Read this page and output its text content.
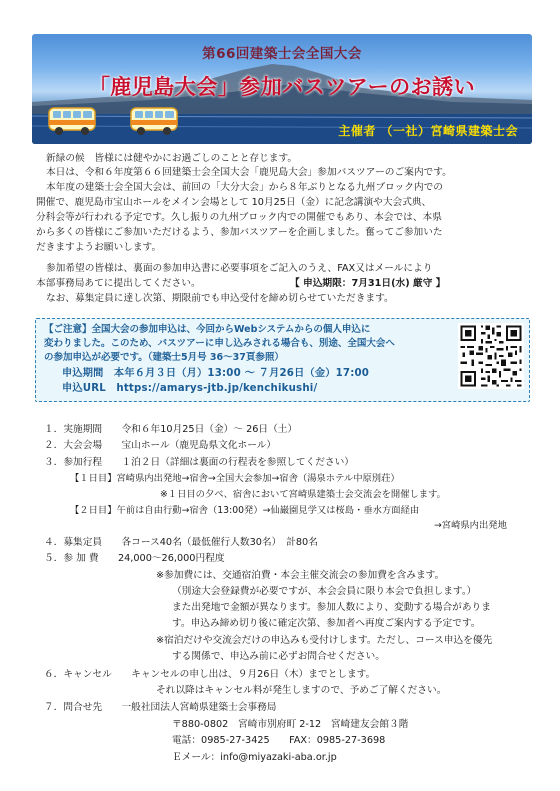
第66回建築士会全国大会
「鹿児島大会」参加バスツアーのお誘い
主催者 （一社）宮崎県建築士会
新緑の候　皆様には健やかにお過ごしのことと存じます。
本日は、令和６年度第６６回建築士会全国大会「鹿児島大会」参加バスツアーのご案内です。
本年度の建築士会全国大会は、前回の「大分大会」から８年ぶりとなる九州ブロック内での
開催で、鹿児島市宝山ホールをメイン会場として 10月25日（金）に記念講演や大会式典、
分科会等が行われる予定です。久し振りの九州ブロック内での開催でもあり、本会では、本県
から多くの皆様にご参加いただけるよう、参加バスツアーを企画しました。奮ってご参加いた
だきますようお願いします。
参加希望の皆様は、裏面の参加申込書に必要事項をご記入のうえ、FAX又はメールにより
本部事務局あてに提出してください。	【 申込期限：7月31日(水) 厳守 】
なお、募集定員に達し次第、期限前でも申込受付を締め切らせていただきます。
【ご注意】全国大会の参加申込は、今回からWebシステムからの個人申込に
変わりました。このため、バスツアーに申し込みされる場合も、別途、全国大会へ
の参加申込が必要です。（建築士5月号 36～37頁参照）
申込期間　本年６月３日（月）13:00 ～ ７月26日（金）17:00
申込URL　https://amarys-jtb.jp/kenchikushi/
１．実施期間　　令和６年10月25日（金）～ 26日（土）
２．大会会場　　宝山ホール（鹿児島県文化ホール）
３．参加行程　　１泊２日（詳細は裏面の行程表を参照してください）
【１日目】宮崎県内出発地→宿舎→全国大会参加→宿舎（湯泉ホテル中原別荘）
※１日目の夕べ、宿舎において宮崎県建築士会交流会を開催します。
【２日目】午前は自由行動→宿舎（13:00発）→仙巌園見学又は桜島・垂水方面経由
→宮崎県内出発地
４．募集定員　　各コース40名（最低催行人数30名）　計80名
５．参 加 費　　24,000～26,000円程度
※参加費には、交通宿泊費・本会主催交流会の参加費を含みます。
（別途大会登録費が必要ですが、本会会員に限り本会で負担します。）
また出発地で金額が異なります。参加人数により、変動する場合がありま
す。申込み締め切り後に確定次第、参加者へ再度ご案内する予定です。
※宿泊だけや交流会だけの申込みも受付けします。ただし、コース申込を優先
する関係で、申込み前に必ずお問合せください。
６．キャンセル　　キャンセルの申し出は、９月26日（木）までとします。
それ以降はキャンセル料が発生しますので、予めご了解ください。
７．問合せ先　　一般社団法人宮崎県建築士会事務局
〒880-0802　宮崎市別府町 2-12　宮崎建友会館３階
電話：0985-27-3425　　FAX：0985-27-3698
Ｅメール：info@miyazaki-aba.or.jp
